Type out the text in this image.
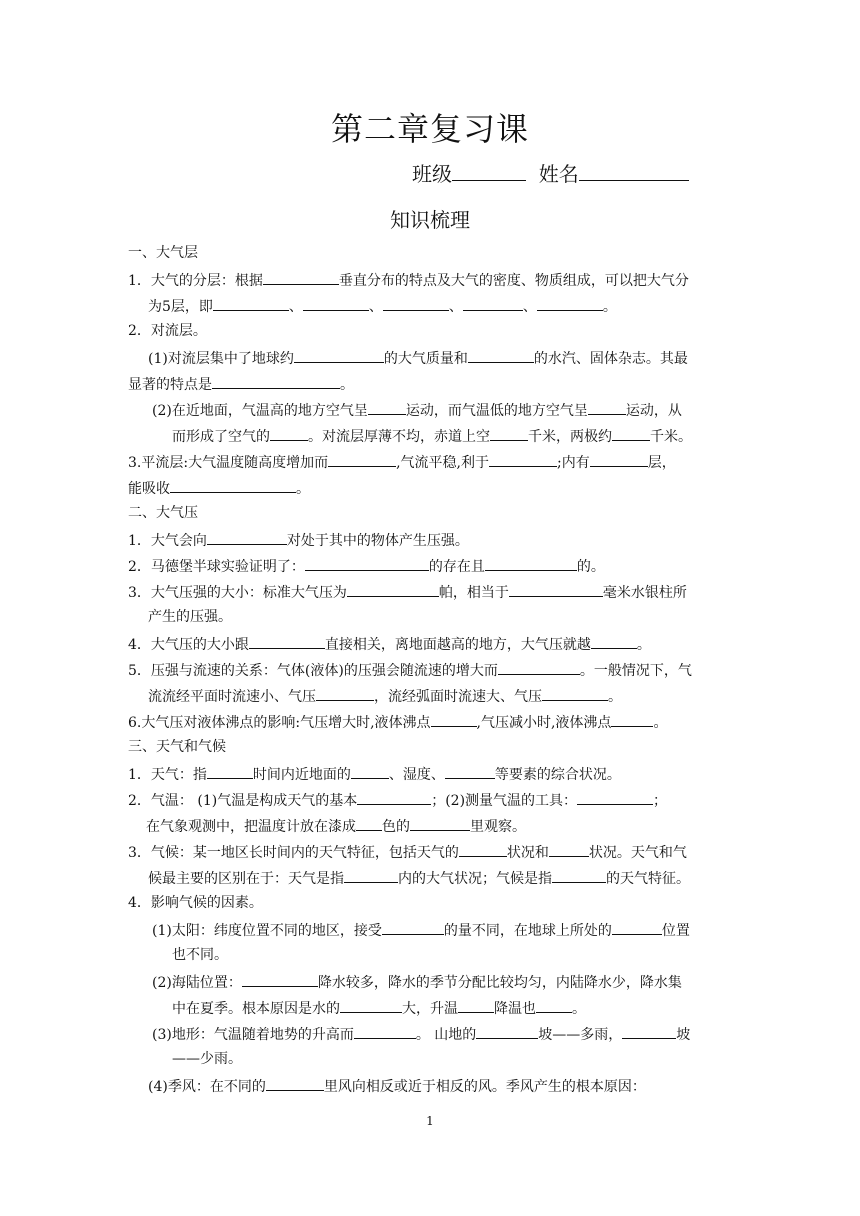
第二章复习课
班级	姓名
知识梳理
一、大气层
1．大气的分层：根据	垂直分布的特点及大气的密度、物质组成，可以把大气分
为5层，即	、	、	、	、	。
2．对流层。
(1)对流层集中了地球约	的大气质量和	的水汽、固体杂志。其最
显著的特点是	。
(2)在近地面，气温高的地方空气呈	运动，而气温低的地方空气呈	运动，从
而形成了空气的	。对流层厚薄不均，赤道上空	千米，两极约	千米。
3.平流层:大气温度随高度增加而	,气流平稳,利于	;内有	层，
能吸收	。
二、大气压
1．大气会向	对处于其中的物体产生压强。
2．马德堡半球实验证明了：	的存在且	的。
3．大气压强的大小：标准大气压为	帕，相当于	毫米水银柱所
产生的压强。
4．大气压的大小跟	直接相关，离地面越高的地方，大气压就越	。
5．压强与流速的关系：气体(液体)的压强会随流速的增大而	。一般情况下，气
流流经平面时流速小、气压	，流经弧面时流速大、气压	。
6.大气压对液体沸点的影响:气压增大时,液体沸点	,气压减小时,液体沸点	。
三、天气和气候
1．天气：指	时间内近地面的	、湿度、	等要素的综合状况。
2．气温： (1)气温是构成天气的基本	；(2)测量气温的工具：	；
在气象观测中，把温度计放在漆成 色的	里观察。
3．气候：某一地区长时间内的天气特征，包括天气的	状况和	状况。天气和气
候最主要的区别在于：天气是指	内的大气状况；气候是指	的天气特征。
4．影响气候的因素。
(1)太阳：纬度位置不同的地区，接受	的量不同，在地球上所处的	位置
也不同。
(2)海陆位置：	降水较多，降水的季节分配比较均匀，内陆降水少，降水集
中在夏季。根本原因是水的	大，升温	降温也	。
(3)地形：气温随着地势的升高而	。 山地的	坡——多雨，	坡
——少雨。
(4)季风：在不同的	里风向相反或近于相反的风。季风产生的根本原因：
1
